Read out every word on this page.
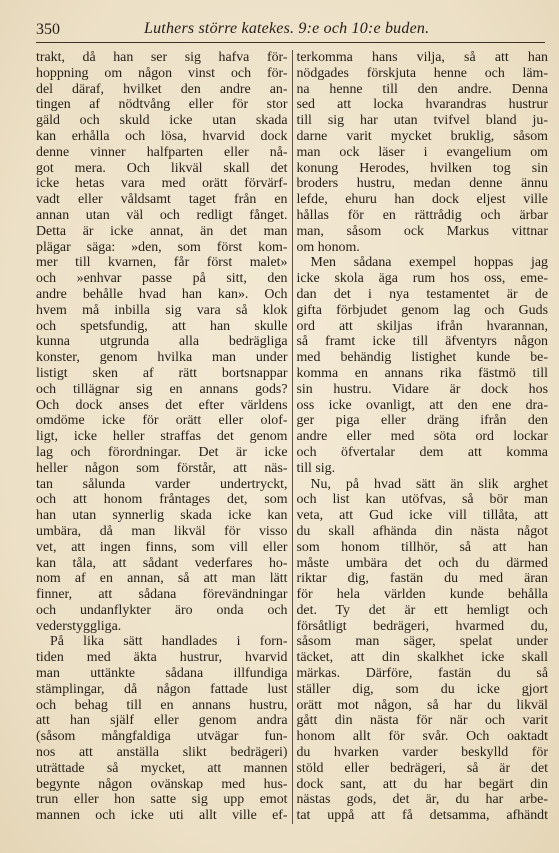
350	Luthers större katekes. 9:e och 10:e buden.
trakt, då han ser sig hafva för-
hoppning om någon vinst och för-
del däraf, hvilket den andre an-
tingen af nödtvång eller för stor
gäld och skuld icke utan skada
kan erhålla och lösa, hvarvid dock
denne vinner halfparten eller nå-
got mera. Och likväl skall det
icke hetas vara med orätt förvärf-
vadt eller våldsamt taget från en
annan utan väl och redligt fånget.
Detta är icke annat, än det man
plägar säga: »den, som först kom-
mer till kvarnen, får först malet»
och »enhvar passe på sitt, den
andre behålle hvad han kan». Och
hvem må inbilla sig vara så klok
och spetsfundig, att han skulle
kunna utgrunda alla bedrägliga
konster, genom hvilka man under
listigt sken af rätt bortsnappar
och tillägnar sig en annans gods?
Och dock anses det efter världens
omdöme icke för orätt eller olof-
ligt, icke heller straffas det genom
lag och förordningar. Det är icke
heller någon som förstår, att näs-
tan sålunda varder undertryckt,
och att honom fråntages det, som
han utan synnerlig skada icke kan
umbära, då man likväl för visso
vet, att ingen finns, som vill eller
kan tåla, att sådant vederfares ho-
nom af en annan, så att man lätt
finner, att sådana förevändningar
och undanflykter äro onda och
vederstyggliga.
På lika sätt handlades i forn-
tiden med äkta hustrur, hvarvid
man uttänkte sådana illfundiga
stämplingar, då någon fattade lust
och behag till en annans hustru,
att han själf eller genom andra
(såsom mångfaldiga utvägar fun-
nos att anställa slikt bedrägeri)
uträttade så mycket, att mannen
begynte någon ovänskap med hus-
trun eller hon satte sig upp emot
mannen och icke uti allt ville ef-
terkomma hans vilja, så att han
nödgades förskjuta henne och läm-
na henne till den andre. Denna
sed att locka hvarandras hustrur
till sig har utan tvifvel bland ju-
darne varit mycket bruklig, såsom
man ock läser i evangelium om
konung Herodes, hvilken tog sin
broders hustru, medan denne ännu
lefde, ehuru han dock eljest ville
hållas för en rättrådig och ärbar
man, såsom ock Markus vittnar
om honom.
Men sådana exempel hoppas jag
icke skola äga rum hos oss, eme-
dan det i nya testamentet är de
gifta förbjudet genom lag och Guds
ord att skiljas ifrån hvarannan,
så framt icke till äfventyrs någon
med behändig listighet kunde be-
komma en annans rika fästmö till
sin hustru. Vidare är dock hos
oss icke ovanligt, att den ene dra-
ger piga eller dräng ifrån den
andre eller med söta ord lockar
och öfvertalar dem att komma
till sig.
Nu, på hvad sätt än slik arghet
och list kan utöfvas, så bör man
veta, att Gud icke vill tillåta, att
du skall afhända din nästa något
som honom tillhör, så att han
måste umbära det och du därmed
riktar dig, fastän du med äran
för hela världen kunde behålla
det. Ty det är ett hemligt och
försåtligt bedrägeri, hvarmed du,
såsom man säger, spelat under
täcket, att din skalkhet icke skall
märkas. Därföre, fastän du så
ställer dig, som du icke gjort
orätt mot någon, så har du likväl
gått din nästa för när och varit
honom allt för svår. Och oaktadt
du hvarken varder beskylld för
stöld eller bedrägeri, så är det
dock sant, att du har begärt din
nästas gods, det är, du har arbe-
tat uppå att få detsamma, afhändt
